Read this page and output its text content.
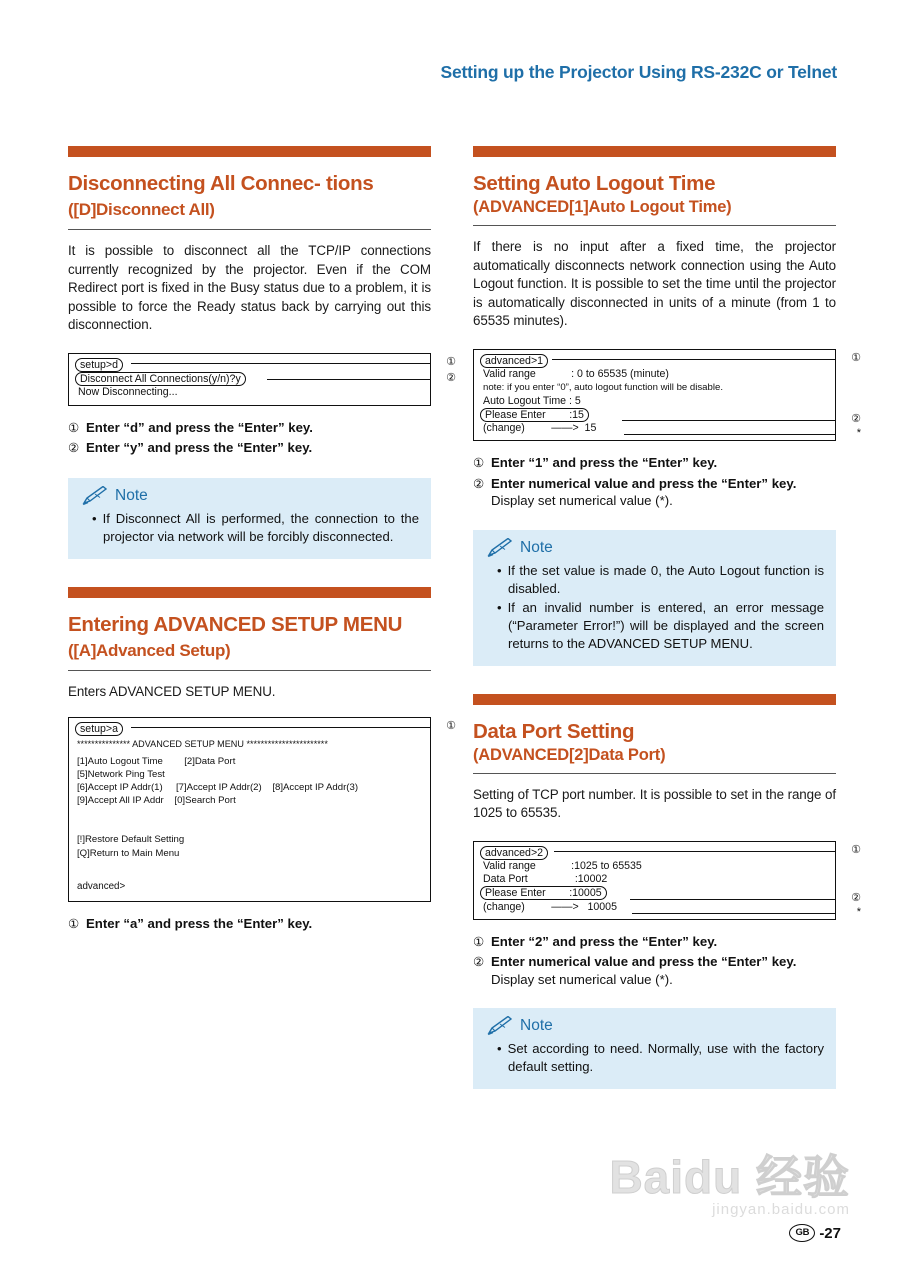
Setting up the Projector Using RS-232C or Telnet
Disconnecting All Connec- tions ([D]Disconnect All)

It is possible to disconnect all the TCP/IP connections currently recognized by the projector. Even if the COM Redirect port is fixed in the Busy status due to a problem, it is possible to force the Ready status back by carrying out this disconnection.

setup>d
Disconnect All Connections(y/n)?y
Now Disconnecting...
①
②
① Enter “d” and press the “Enter” key.
② Enter “y” and press the “Enter” key.
Note
• If Disconnect All is performed, the connection to the projector via network will be forcibly disconnected.
Entering ADVANCED SETUP MENU ([A]Advanced Setup)

Enters ADVANCED SETUP MENU.

setup>a
*************** ADVANCED SETUP MENU ***********************
[1]Auto Logout Time        [2]Data Port
[5]Network Ping Test
[6]Accept IP Addr(1)     [7]Accept IP Addr(2)    [8]Accept IP Addr(3)
[9]Accept All IP Addr    [0]Search Port
[!]Restore Default Setting
[Q]Return to Main Menu
advanced>
①
① Enter “a” and press the “Enter” key.
Setting Auto Logout Time
(ADVANCED[1]Auto Logout Time)

If there is no input after a fixed time, the projector automatically disconnects network connection using the Auto Logout function. It is possible to set the time until the projector is automatically disconnected in units of a minute (from 1 to 65535 minutes).

advanced>1
Valid range            : 0 to 65535 (minute)
note: if you enter “0”, auto logout function will be disable.
Auto Logout Time : 5
Please Enter        :15
(change)         ——>  15
①
②
*
① Enter “1” and press the “Enter” key.
② Enter numerical value and press the “Enter” key.
Display set numerical value (*).
Note
• If the set value is made 0, the Auto Logout function is disabled.
• If an invalid number is entered, an error message (“Parameter Error!”) will be displayed and the screen returns to the ADVANCED SETUP MENU.
Data Port Setting
(ADVANCED[2]Data Port)

Setting of TCP port number. It is possible to set in the range of 1025 to 65535.

advanced>2
Valid range            :1025 to 65535
Data Port                :10002
Please Enter        :10005
(change)         ——>   10005
①
②
*
① Enter “2” and press the “Enter” key.
② Enter numerical value and press the “Enter” key.
Display set numerical value (*).
Note
• Set according to need. Normally, use with the factory default setting.
Baidu 经验
jingyan.baidu.com
GB -27
